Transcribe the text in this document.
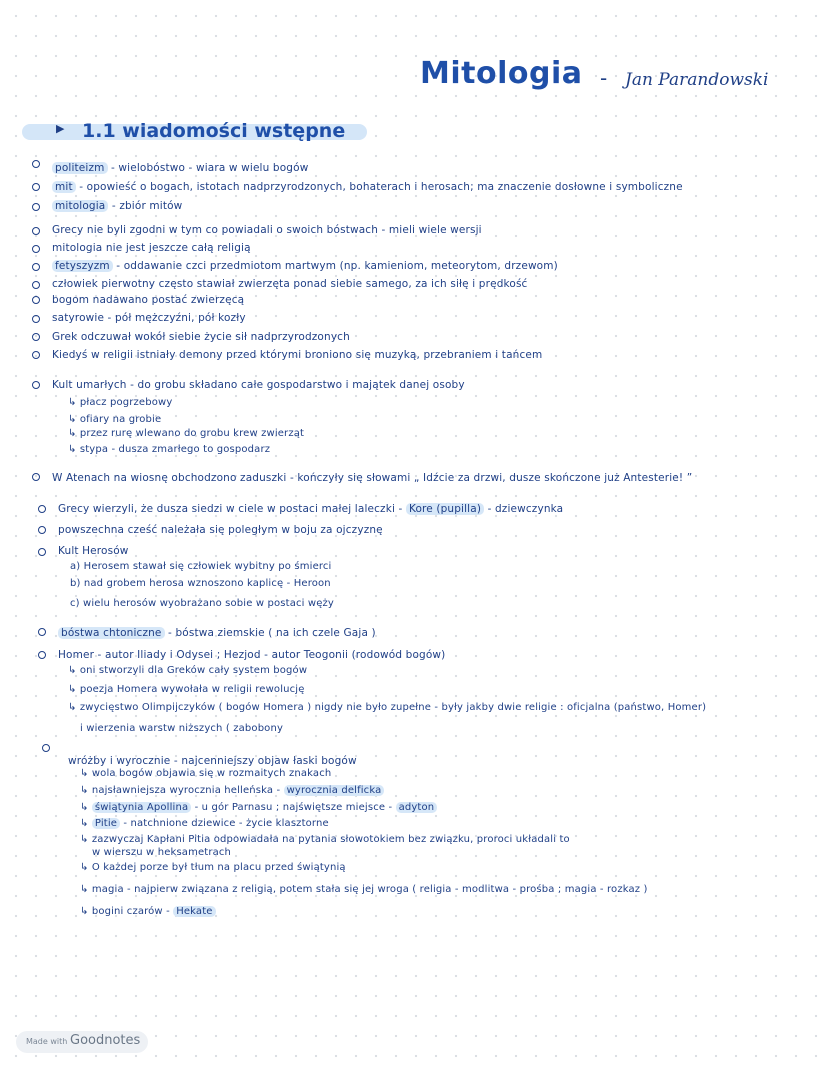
Mitologia - Jan Parandowski
▶ 1.1 wiadomości wstępne
politeizm - wielobóstwo - wiara w wielu bogów
mit - opowieść o bogach, istotach nadprzyrodzonych, bohaterach i herosach; ma znaczenie dosłowne i symboliczne
mitologia - zbiór mitów
Grecy nie byli zgodni w tym co powiadali o swoich bóstwach - mieli wiele wersji
mitologia nie jest jeszcze całą religią
fetyszyzm - oddawanie czci przedmiotom martwym (np. kamieniom, meteorytom, drzewom)
człowiek pierwotny często stawiał zwierzęta ponad siebie samego, za ich siłę i prędkość
bogom nadawano postać zwierzęcą
satyrowie - pół mężczyźni, pół kozły
Grek odczuwał wokół siebie życie sił nadprzyrodzonych
Kiedyś w religii istniały demony przed którymi broniono się muzyką, przebraniem i tańcem
Kult umarłych - do grobu składano całe gospodarstwo i majątek danej osoby
↳ płacz pogrzebowy
↳ ofiary na grobie
↳ przez rurę wlewano do grobu krew zwierząt
↳ stypa - dusza zmarłego to gospodarz
W Atenach na wiosnę obchodzono zaduszki - kończyły się słowami „ Idźcie za drzwi, dusze skończone już Antesterie! ”
Grecy wierzyli, że dusza siedzi w ciele w postaci małej laleczki - Kore (pupilla) - dziewczynka
powszechna cześć należała się poległym w boju za ojczyznę
Kult Herosów
a) Herosem stawał się człowiek wybitny po śmierci
b) nad grobem herosa wznoszono kaplicę - Heroon
c) wielu herosów wyobrażano sobie w postaci węży
bóstwa chtoniczne - bóstwa ziemskie ( na ich czele Gaja )
Homer - autor Iliady i Odysei ; Hezjod - autor Teogonii (rodowód bogów)
↳ oni stworzyli dla Greków cały system bogów
↳ poezja Homera wywołała w religii rewolucję
↳ zwycięstwo Olimpijczyków ( bogów Homera ) nigdy nie było zupełne - były jakby dwie religie : oficjalna (państwo, Homer)
i wierzenia warstw niższych ( zabobony
wróżby i wyrocznie - najcenniejszy objaw łaski bogów
↳ wola bogów objawia się w rozmaitych znakach
↳ najsławniejsza wyrocznia helleńska - wyrocznia delficka
↳ świątynia Apollina - u gór Parnasu ; najświętsze miejsce - adyton
↳ Pitie - natchnione dziewice - życie klasztorne
↳ zazwyczaj Kapłani Pitia odpowiadała na pytania słowotokiem bez związku, proroci układali to
w wierszu w heksametrach
↳ O każdej porze był tłum na placu przed świątynią
↳ magia - najpierw związana z religią, potem stała się jej wroga ( religia - modlitwa - prośba ; magia - rozkaz )
↳ bogini czarów - Hekate
Made with Goodnotes
